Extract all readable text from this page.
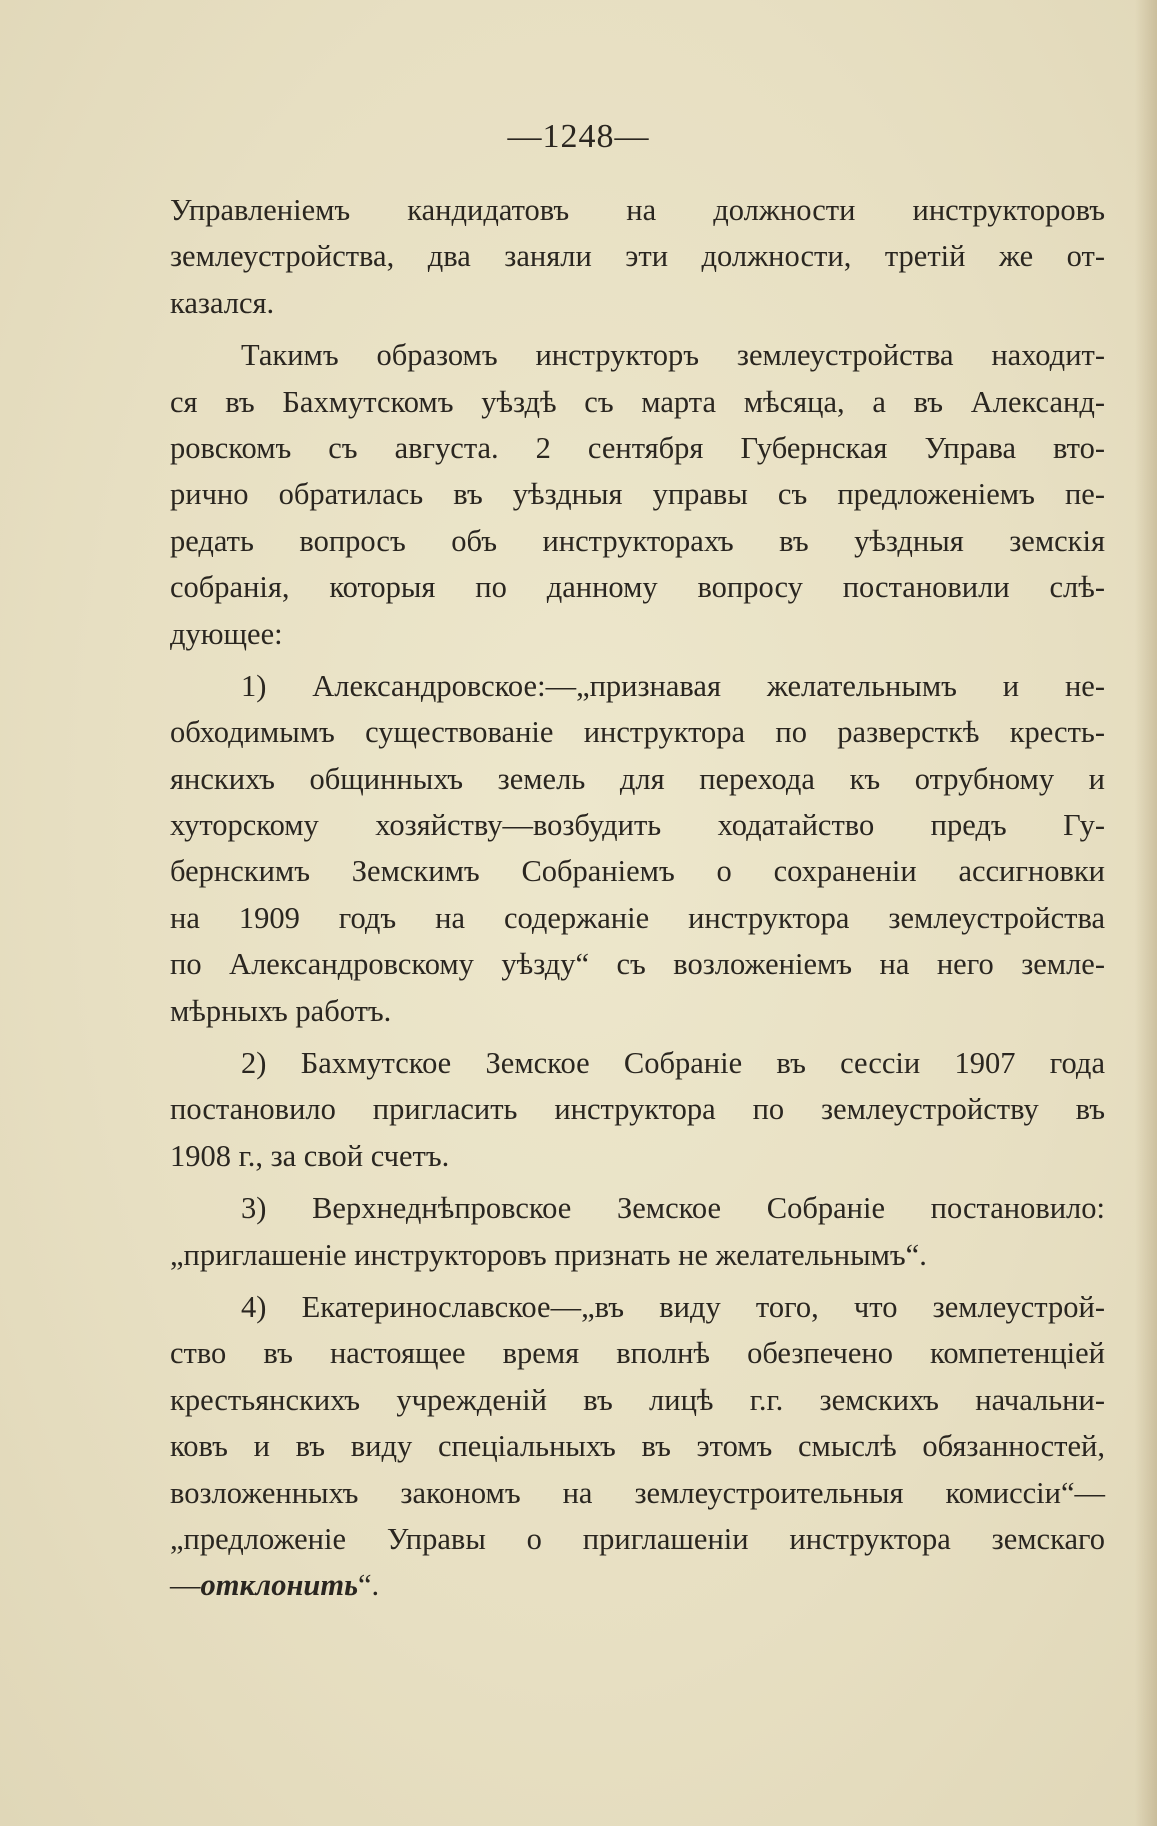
—1248—
Управленіемъ кандидатовъ на должности инструкторовъ
землеустройства, два заняли эти должности, третій же от-
казался.
Такимъ образомъ инструкторъ землеустройства находит-
ся въ Бахмутскомъ уѣздѣ съ марта мѣсяца, а въ Александ-
ровскомъ съ августа. 2 сентября Губернская Управа вто-
рично обратилась въ уѣздныя управы съ предложеніемъ пе-
редать вопросъ объ инструкторахъ въ уѣздныя земскія
собранія, которыя по данному вопросу постановили слѣ-
дующее:
1) Александровское:—„признавая желательнымъ и не-
обходимымъ существованіе инструктора по разверсткѣ кресть-
янскихъ общинныхъ земель для перехода къ отрубному и
хуторскому хозяйству—возбудить ходатайство предъ Гу-
бернскимъ Земскимъ Собраніемъ о сохраненіи ассигновки
на 1909 годъ на содержаніе инструктора землеустройства
по Александровскому уѣзду“ съ возложеніемъ на него земле-
мѣрныхъ работъ.
2) Бахмутское Земское Собраніе въ сессіи 1907 года
постановило пригласить инструктора по землеустройству въ
1908 г., за свой счетъ.
3) Верхнеднѣпровское Земское Собраніе постановило:
„приглашеніе инструкторовъ признать не желательнымъ“.
4) Екатеринославское—„въ виду того, что землеустрой-
ство въ настоящее время вполнѣ обезпечено компетенціей
крестьянскихъ учрежденій въ лицѣ г.г. земскихъ начальни-
ковъ и въ виду спеціальныхъ въ этомъ смыслѣ обязанностей,
возложенныхъ закономъ на землеустроительныя комиссіи“—
„предложеніе Управы о приглашеніи инструктора земскаго
—отклонить“.
